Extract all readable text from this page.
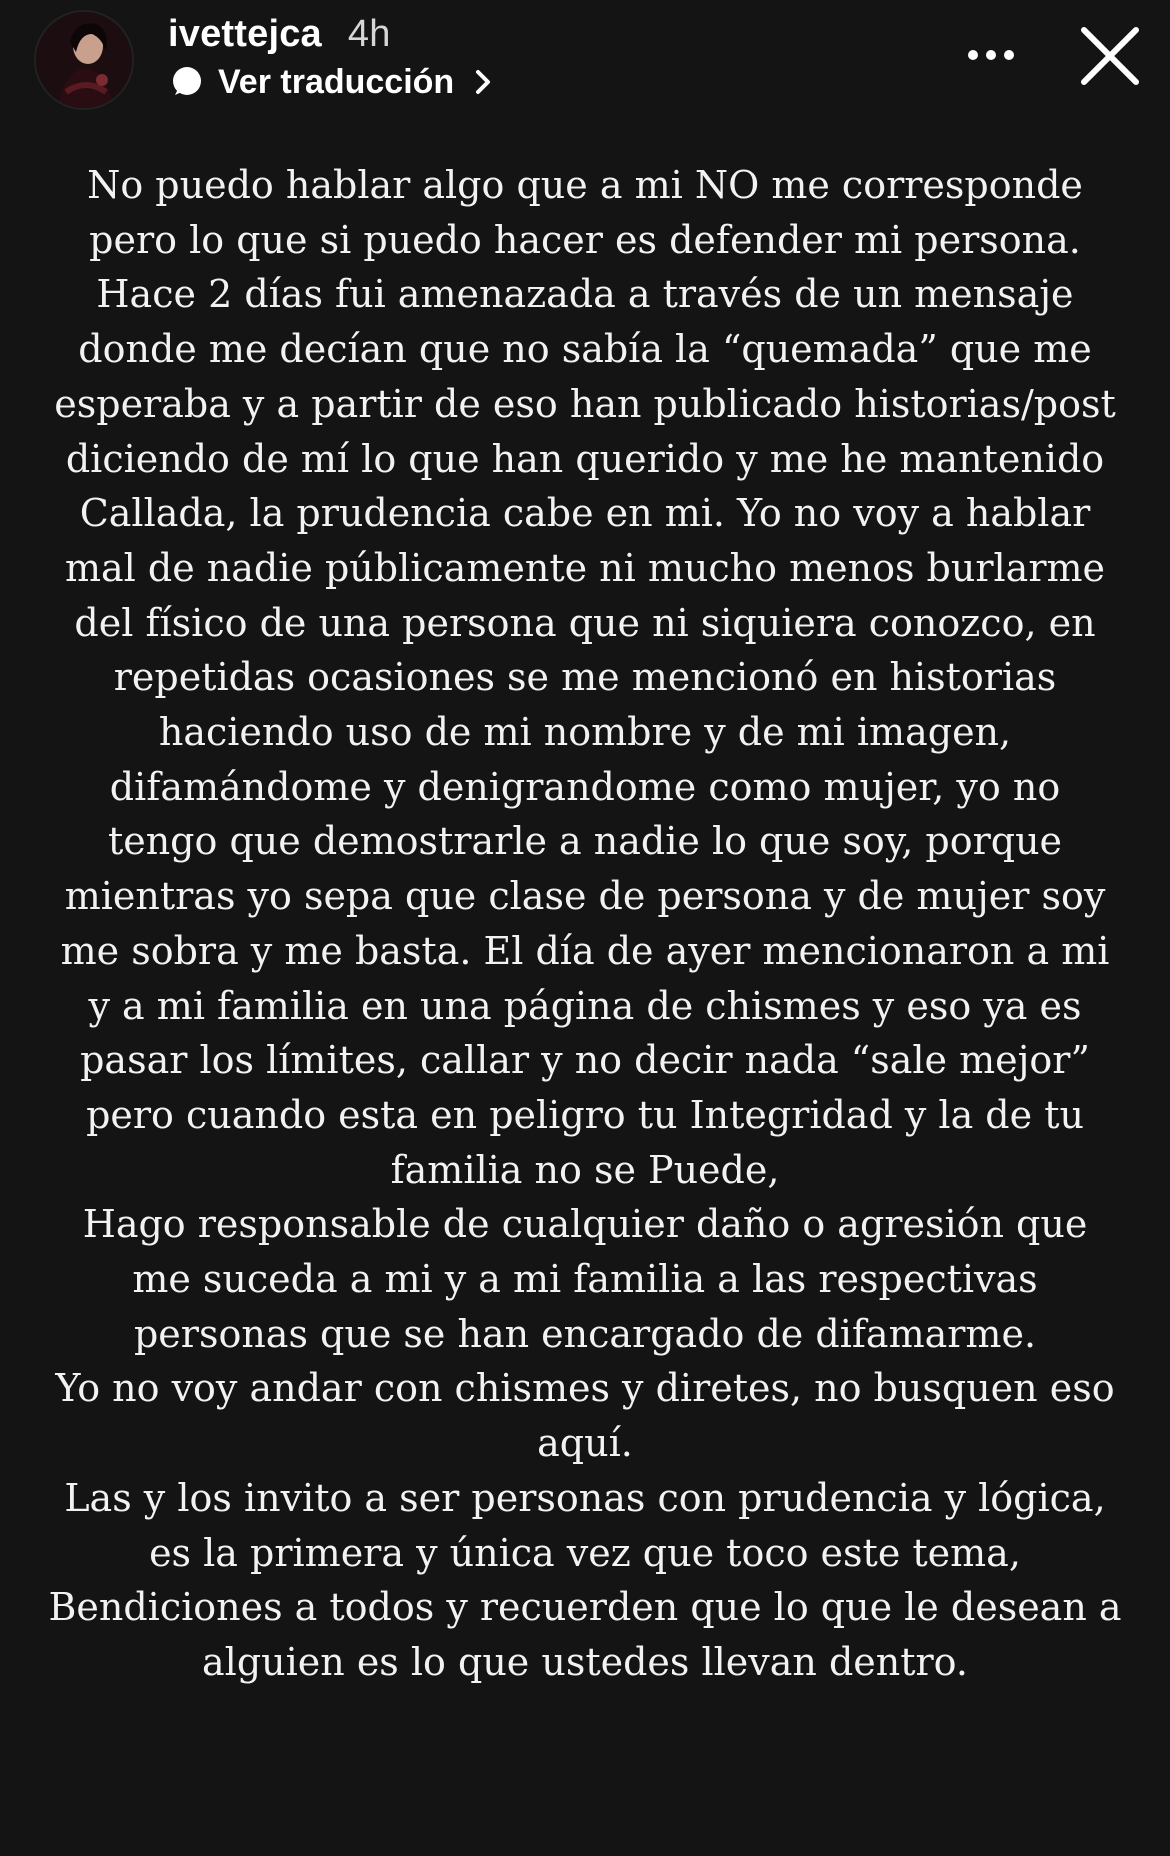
ivettejca 4h
Ver traducción
No puedo hablar algo que a mi NO me corresponde
pero lo que si puedo hacer es defender mi persona.
Hace 2 días fui amenazada a través de un mensaje
donde me decían que no sabía la “quemada” que me
esperaba y a partir de eso han publicado historias/post
diciendo de mí lo que han querido y me he mantenido
Callada, la prudencia cabe en mi. Yo no voy a hablar
mal de nadie públicamente ni mucho menos burlarme
del físico de una persona que ni siquiera conozco, en
repetidas ocasiones se me mencionó en historias
haciendo uso de mi nombre y de mi imagen,
difamándome y denigrandome como mujer, yo no
tengo que demostrarle a nadie lo que soy, porque
mientras yo sepa que clase de persona y de mujer soy
me sobra y me basta. El día de ayer mencionaron a mi
y a mi familia en una página de chismes y eso ya es
pasar los límites, callar y no decir nada “sale mejor”
pero cuando esta en peligro tu Integridad y la de tu
familia no se Puede,
Hago responsable de cualquier daño o agresión que
me suceda a mi y a mi familia a las respectivas
personas que se han encargado de difamarme.
Yo no voy andar con chismes y diretes, no busquen eso
aquí.
Las y los invito a ser personas con prudencia y lógica,
es la primera y única vez que toco este tema,
Bendiciones a todos y recuerden que lo que le desean a
alguien es lo que ustedes llevan dentro.
